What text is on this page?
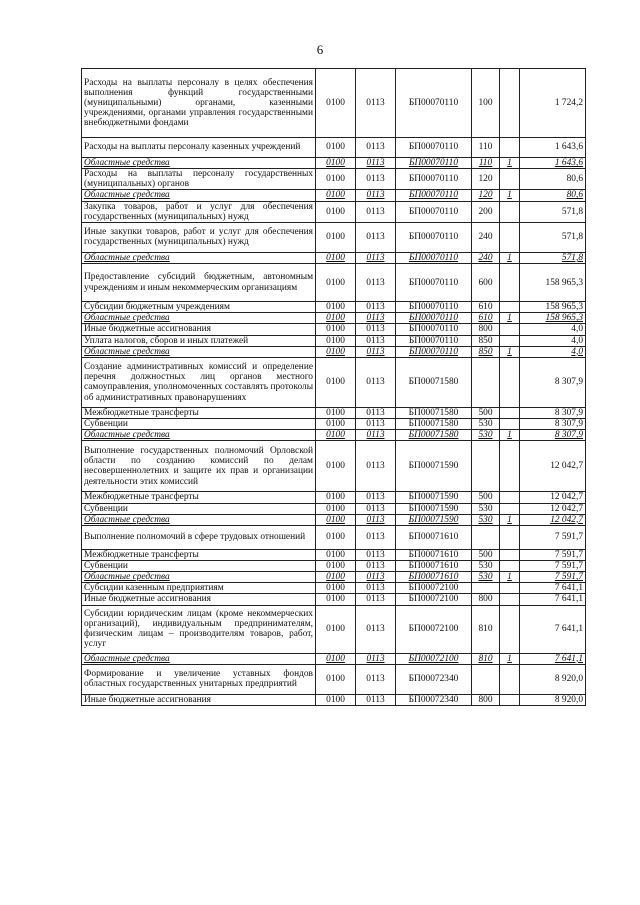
6
Расходы на выплаты персоналу в целях обеспечения выполнения функций государственными (муниципальными) органами, казенными учреждениями, органами управления государственными внебюджетными фондами	0100	0113	БП00070110	100		1 724,2
Расходы на выплаты персоналу казенных учреждений	0100	0113	БП00070110	110		1 643,6
Областные средства	0100	0113	БП00070110	110	1	1 643,6
Расходы на выплаты персоналу государственных (муниципальных) органов	0100	0113	БП00070110	120		80,6
Областные средства	0100	0113	БП00070110	120	1	80,6
Закупка товаров, работ и услуг для обеспечения государственных (муниципальных) нужд	0100	0113	БП00070110	200		571,8
Иные закупки товаров, работ и услуг для обеспечения государственных (муниципальных) нужд	0100	0113	БП00070110	240		571,8
Областные средства	0100	0113	БП00070110	240	1	571,8
Предоставление субсидий бюджетным, автономным учреждениям и иным некоммерческим организациям	0100	0113	БП00070110	600		158 965,3
Субсидии бюджетным учреждениям	0100	0113	БП00070110	610		158 965,3
Областные средства	0100	0113	БП00070110	610	1	158 965,3
Иные бюджетные ассигнования	0100	0113	БП00070110	800		4,0
Уплата налогов, сборов и иных платежей	0100	0113	БП00070110	850		4,0
Областные средства	0100	0113	БП00070110	850	1	4,0
Создание административных комиссий и определение перечня должностных лиц органов местного самоуправления, уполномоченных составлять протоколы об административных правонарушениях	0100	0113	БП00071580			8 307,9
Межбюджетные трансферты	0100	0113	БП00071580	500		8 307,9
Субвенции	0100	0113	БП00071580	530		8 307,9
Областные средства	0100	0113	БП00071580	530	1	8 307,9
Выполнение государственных полномочий Орловской области по созданию комиссий по делам несовершеннолетних и защите их прав и организации деятельности этих комиссий	0100	0113	БП00071590			12 042,7
Межбюджетные трансферты	0100	0113	БП00071590	500		12 042,7
Субвенции	0100	0113	БП00071590	530		12 042,7
Областные средства	0100	0113	БП00071590	530	1	12 042,7
Выполнение полномочий в сфере трудовых отношений	0100	0113	БП00071610			7 591,7
Межбюджетные трансферты	0100	0113	БП00071610	500		7 591,7
Субвенции	0100	0113	БП00071610	530		7 591,7
Областные средства	0100	0113	БП00071610	530	1	7 591,7
Субсидии казенным предприятиям	0100	0113	БП00072100			7 641,1
Иные бюджетные ассигнования	0100	0113	БП00072100	800		7 641,1
Субсидии юридическим лицам (кроме некоммерческих организаций), индивидуальным предпринимателям, физическим лицам – производителям товаров, работ, услуг	0100	0113	БП00072100	810		7 641,1
Областные средства	0100	0113	БП00072100	810	1	7 641,1
Формирование и увеличение уставных фондов областных государственных унитарных предприятий	0100	0113	БП00072340			8 920,0
Иные бюджетные ассигнования	0100	0113	БП00072340	800		8 920,0
